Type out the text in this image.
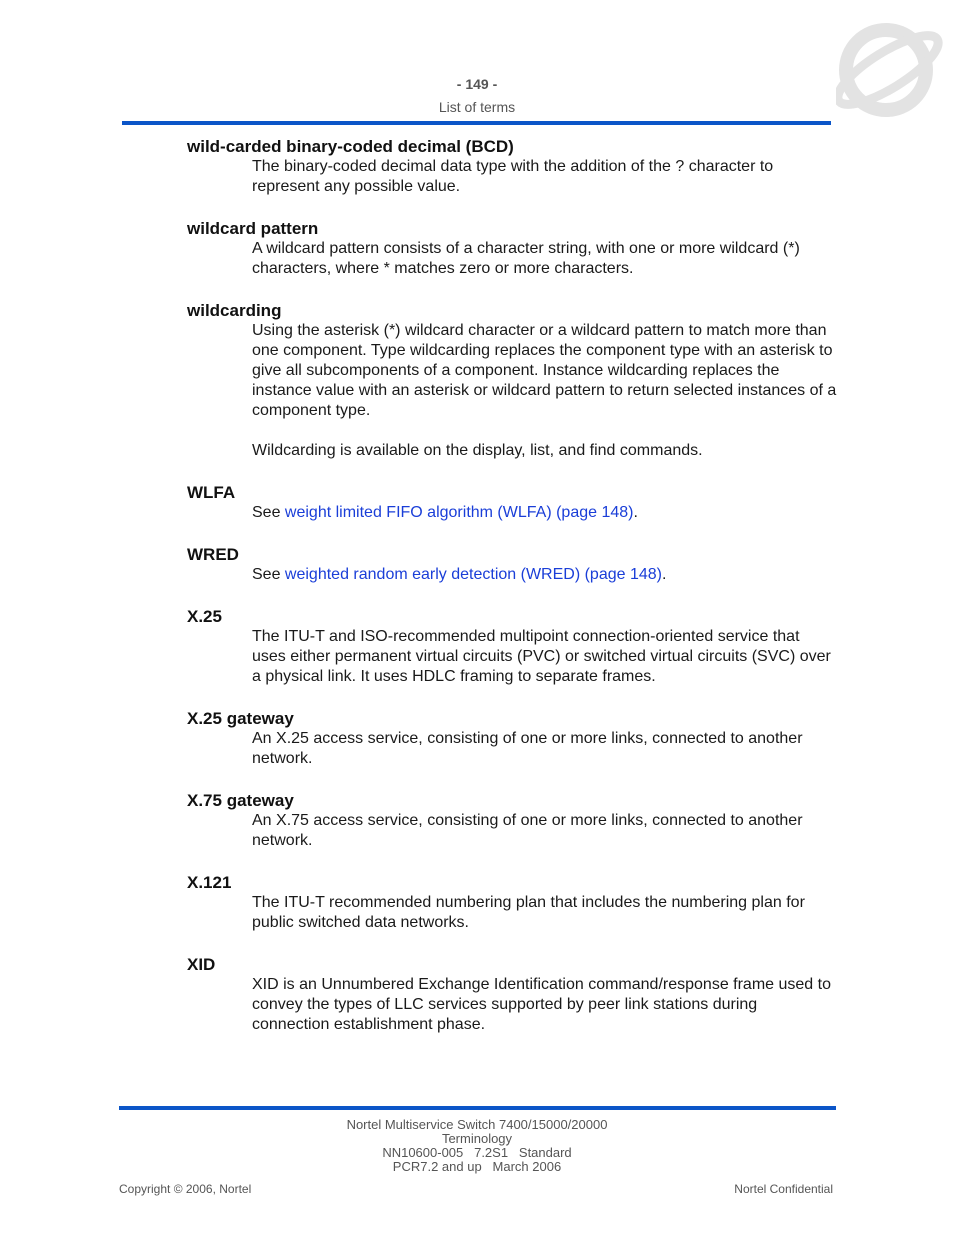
- 149 -
List of terms
wild-carded binary-coded decimal (BCD)

The binary-coded decimal data type with the addition of the ? character to represent any possible value.

wildcard pattern

A wildcard pattern consists of a character string, with one or more wildcard (*) characters, where * matches zero or more characters.

wildcarding

Using the asterisk (*) wildcard character or a wildcard pattern to match more than one component. Type wildcarding replaces the component type with an asterisk to give all subcomponents of a component. Instance wildcarding replaces the instance value with an asterisk or wildcard pattern to return selected instances of a component type.

Wildcarding is available on the display, list, and find commands.

WLFA

See weight limited FIFO algorithm (WLFA) (page 148).

WRED

See weighted random early detection (WRED) (page 148).

X.25

The ITU-T and ISO-recommended multipoint connection-oriented service that uses either permanent virtual circuits (PVC) or switched virtual circuits (SVC) over a physical link. It uses HDLC framing to separate frames.

X.25 gateway

An X.25 access service, consisting of one or more links, connected to another network.

X.75 gateway

An X.75 access service, consisting of one or more links, connected to another network.

X.121

The ITU-T recommended numbering plan that includes the numbering plan for public switched data networks.

XID

XID is an Unnumbered Exchange Identification command/response frame used to convey the types of LLC services supported by peer link stations during connection establishment phase.

Nortel Multiservice Switch 7400/15000/20000
Terminology
NN10600-005   7.2S1   Standard
PCR7.2 and up   March 2006
Copyright © 2006, Nortel	Nortel Confidential
